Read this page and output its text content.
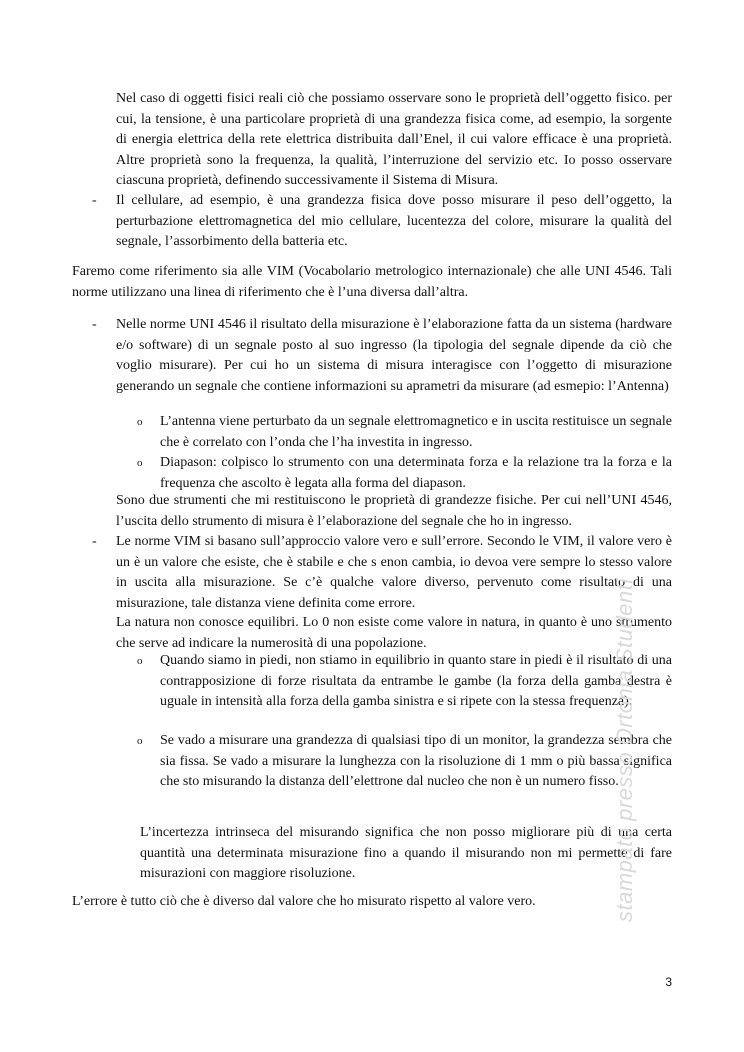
Nel caso di oggetti fisici reali ciò che possiamo osservare sono le proprietà dell’oggetto fisico. per cui, la tensione, è una particolare proprietà di una grandezza fisica come, ad esempio, la sorgente di energia elettrica della rete elettrica distribuita dall’Enel, il cui valore efficace è una proprietà. Altre proprietà sono la frequenza, la qualità, l’interruzione del servizio etc. Io posso osservare ciascuna proprietà, definendo successivamente il Sistema di Misura.

- Il cellulare, ad esempio, è una grandezza fisica dove posso misurare il peso dell’oggetto, la perturbazione elettromagnetica del mio cellulare, lucentezza del colore, misurare la qualità del segnale, l’assorbimento della batteria etc.

Faremo come riferimento sia alle VIM (Vocabolario metrologico internazionale) che alle UNI 4546. Tali norme utilizzano una linea di riferimento che è l’una diversa dall’altra.

- Nelle norme UNI 4546 il risultato della misurazione è l’elaborazione fatta da un sistema (hardware e/o software) di un segnale posto al suo ingresso (la tipologia del segnale dipende da ciò che voglio misurare). Per cui ho un sistema di misura interagisce con l’oggetto di misurazione generando un segnale che contiene informazioni su aprametri da misurare (ad esmepio: l’Antenna)

o L’antenna viene perturbato da un segnale elettromagnetico e in uscita restituisce un segnale che è correlato con l’onda che l’ha investita in ingresso.

o Diapason: colpisco lo strumento con una determinata forza e la relazione tra la forza e la frequenza che ascolto è legata alla forma del diapason.

Sono due strumenti che mi restituiscono le proprietà di grandezze fisiche. Per cui nell’UNI 4546, l’uscita dello strumento di misura è l’elaborazione del segnale che ho in ingresso.

- Le norme VIM si basano sull’approccio valore vero e sull’errore. Secondo le VIM, il valore vero è un è un valore che esiste, che è stabile e che s enon cambia, io devoa vere sempre lo stesso valore in uscita alla misurazione. Se c’è qualche valore diverso, pervenuto come risultato di una misurazione, tale distanza viene definita come errore.

La natura non conosce equilibri. Lo 0 non esiste come valore in natura, in quanto è uno strumento che serve ad indicare la numerosità di una popolazione.

o Quando siamo in piedi, non stiamo in equilibrio in quanto stare in piedi è il risultato di una contrapposizione di forze risultata da entrambe le gambe (la forza della gamba destra è uguale in intensità alla forza della gamba sinistra e si ripete con la stessa frequenza).

o Se vado a misurare una grandezza di qualsiasi tipo di un monitor, la grandezza sembra che sia fissa. Se vado a misurare la lunghezza con la risoluzione di 1 mm o più bassa significa che sto misurando la distanza dell’elettrone dal nucleo che non è un numero fisso.

L’incertezza intrinseca del misurando significa che non posso migliorare più di una certa quantità una determinata misurazione fino a quando il misurando non mi permette di fare misurazioni con maggiore risoluzione.

L’errore è tutto ciò che è diverso dal valore che ho misurato rispetto al valore vero.

3
stampato presso Ortonia Studenti
